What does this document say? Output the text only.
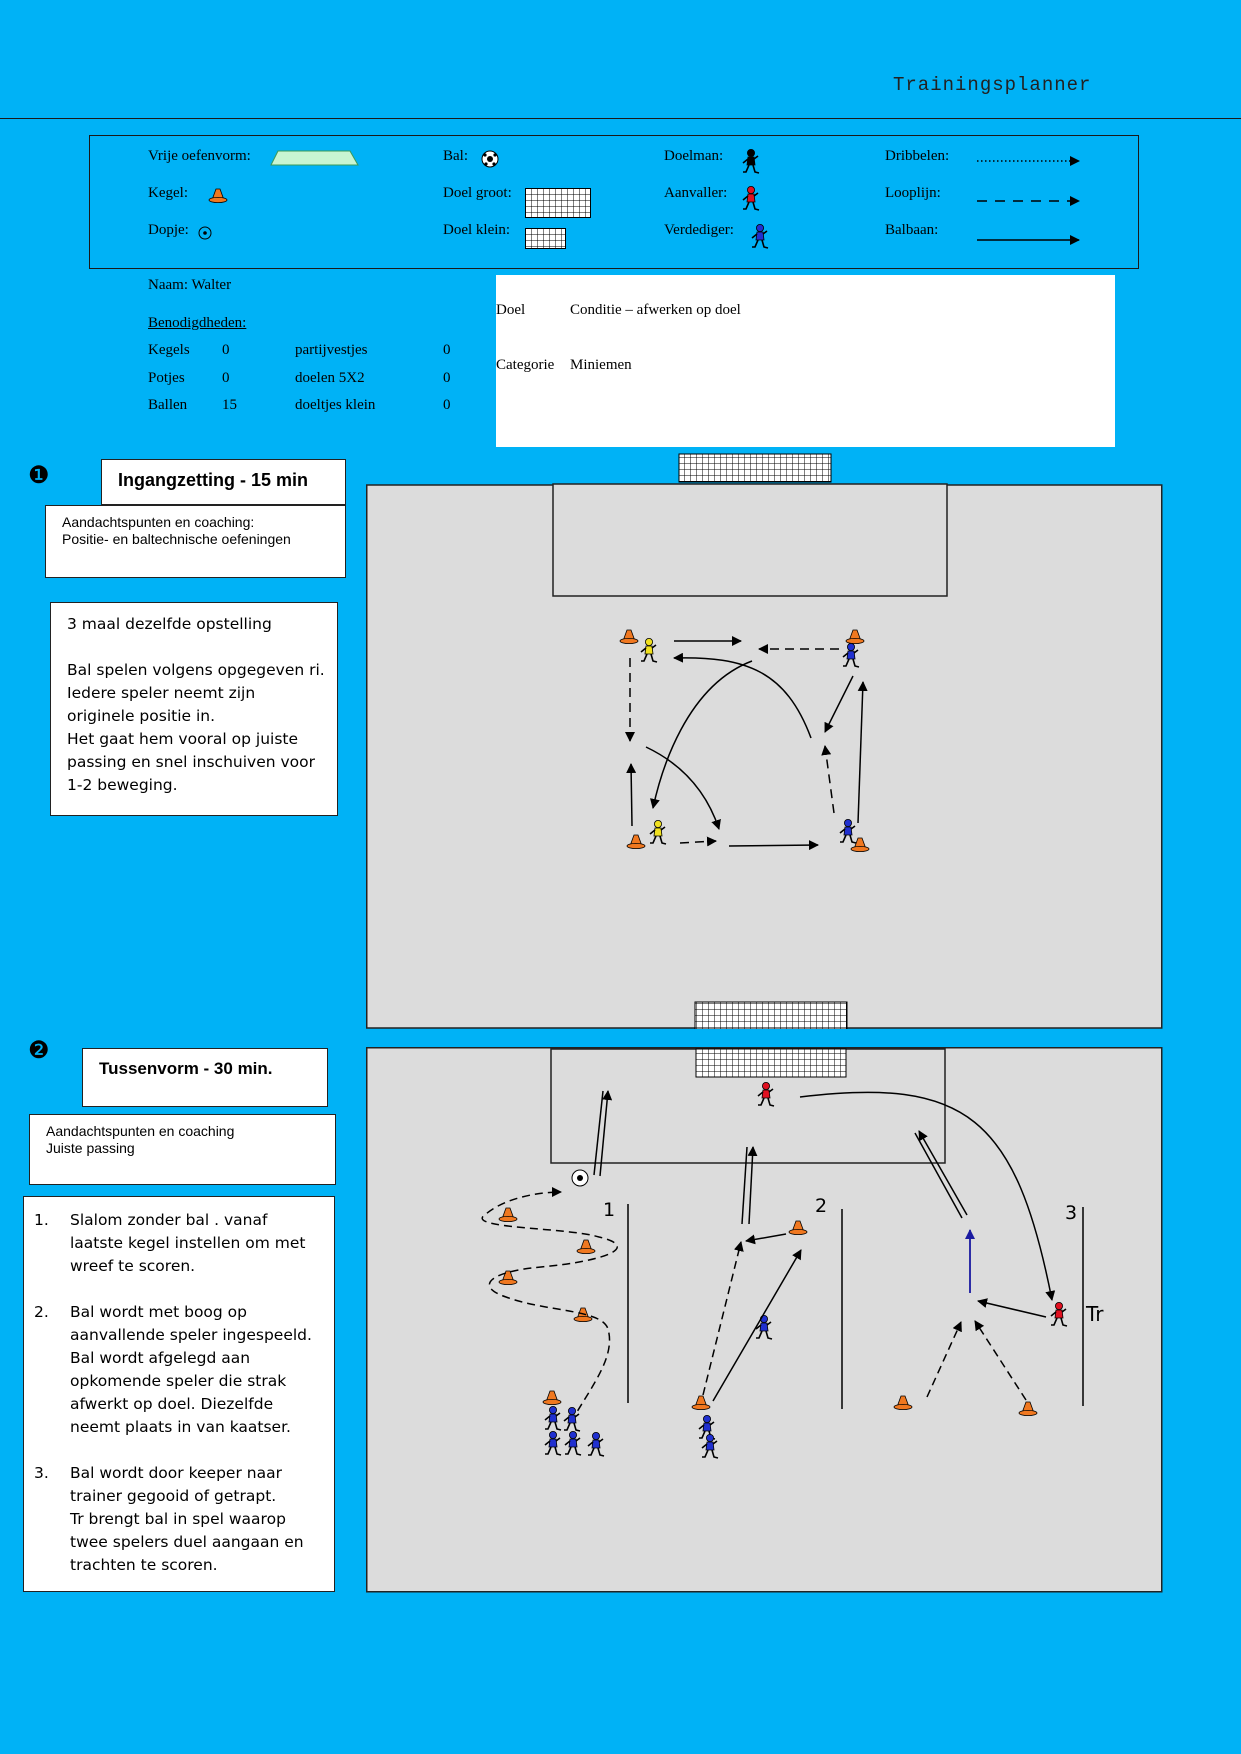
Trainingsplanner
Vrije oefenvorm:
Kegel:
Dopje:
Bal:
Doel groot:
Doel klein:
Doelman:
Aanvaller:
Verdediger:
Dribbelen:
Looplijn:
Balbaan:
Naam: Walter
Benodigdheden:
Kegels 0	partijvestjes	0
Potjes 0	doelen 5X2	0
Ballen 15	doeltjes klein	0
Doel	Conditie – afwerken op doel
Categorie Miniemen
❶	Ingangzetting - 15 min
Aandachtspunten en coaching:
Positie- en baltechnische oefeningen
3 maal dezelfde opstelling

Bal spelen volgens opgegeven ri.
Iedere speler neemt zijn
originele positie in.
Het gaat hem vooral op juiste
passing en snel inschuiven voor
1-2 beweging.
❷
Tussenvorm - 30 min.
Aandachtspunten en coaching
Juiste passing
1. Slalom zonder bal . vanaf
laatste kegel instellen om met
wreef te scoren.
2. Bal wordt met boog op
aanvallende speler ingespeeld.
Bal wordt afgelegd aan
opkomende speler die strak
afwerkt op doel. Diezelfde
neemt plaats in van kaatser.
3. Bal wordt door keeper naar
trainer gegooid of getrapt.
Tr brengt bal in spel waarop
twee spelers duel aangaan en
trachten te scoren.
1	2	3
Tr
